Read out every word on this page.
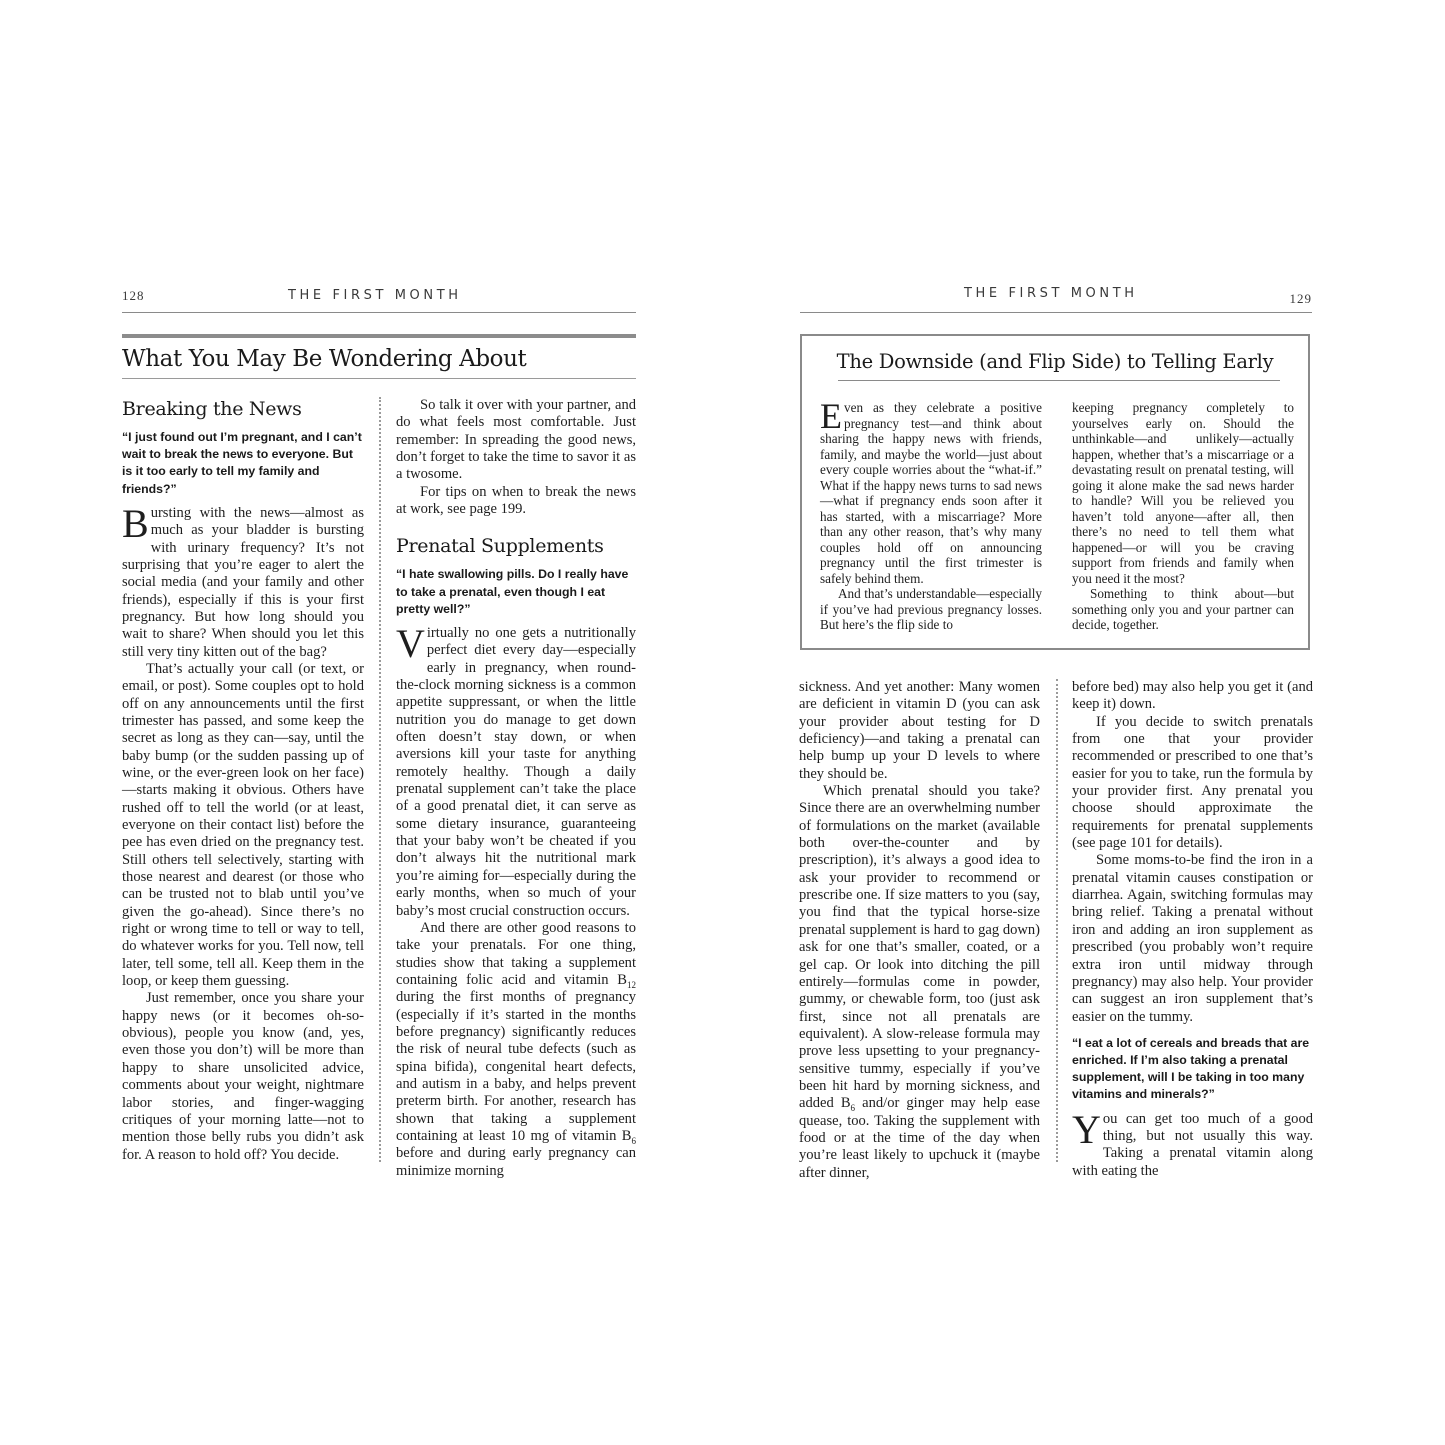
128	THE FIRST MONTH
What You May Be Wondering About
Breaking the News
“I just found out I’m pregnant, and I can’t wait to break the news to everyone. But is it too early to tell my family and friends?”

Bursting with the news—almost as much as your bladder is bursting with urinary frequency? It’s not surprising that you’re eager to alert the social media (and your family and other friends), especially if this is your first pregnancy. But how long should you wait to share? When should you let this still very tiny kitten out of the bag?

That’s actually your call (or text, or email, or post). Some couples opt to hold off on any announcements until the first trimester has passed, and some keep the secret as long as they can—say, until the baby bump (or the sudden passing up of wine, or the ever-green look on her face)—starts making it obvious. Others have rushed off to tell the world (or at least, everyone on their contact list) before the pee has even dried on the pregnancy test. Still others tell selectively, starting with those nearest and dearest (or those who can be trusted not to blab until you’ve given the go-ahead). Since there’s no right or wrong time to tell or way to tell, do whatever works for you. Tell now, tell later, tell some, tell all. Keep them in the loop, or keep them guessing.

Just remember, once you share your happy news (or it becomes oh-so-obvious), people you know (and, yes, even those you don’t) will be more than happy to share unsolicited advice, comments about your weight, nightmare labor stories, and finger-wagging critiques of your morning latte—not to mention those belly rubs you didn’t ask for. A reason to hold off? You decide.

So talk it over with your partner, and do what feels most comfortable. Just remember: In spreading the good news, don’t forget to take the time to savor it as a twosome.

For tips on when to break the news at work, see page 199.

Prenatal Supplements
“I hate swallowing pills. Do I really have to take a prenatal, even though I eat pretty well?”

Virtually no one gets a nutritionally perfect diet every day—especially early in pregnancy, when round-the-clock morning sickness is a common appetite suppressant, or when the little nutrition you do manage to get down often doesn’t stay down, or when aversions kill your taste for anything remotely healthy. Though a daily prenatal supplement can’t take the place of a good prenatal diet, it can serve as some dietary insurance, guaranteeing that your baby won’t be cheated if you don’t always hit the nutritional mark you’re aiming for—especially during the early months, when so much of your baby’s most crucial construction occurs.

And there are other good reasons to take your prenatals. For one thing, studies show that taking a supplement containing folic acid and vitamin $B_{12}$ during the first months of pregnancy (especially if it’s started in the months before pregnancy) significantly reduces the risk of neural tube defects (such as spina bifida), congenital heart defects, and autism in a baby, and helps prevent preterm birth. For another, research has shown that taking a supplement containing at least 10 mg of vitamin $B_6$ before and during early pregnancy can minimize morning

THE FIRST MONTH	129
The Downside (and Flip Side) to Telling Early

Even as they celebrate a positive pregnancy test—and think about sharing the happy news with friends, family, and maybe the world—just about every couple worries about the “what-if.” What if the happy news turns to sad news—what if pregnancy ends soon after it has started, with a miscarriage? More than any other reason, that’s why many couples hold off on announcing pregnancy until the first trimester is safely behind them.

And that’s understandable—especially if you’ve had previous pregnancy losses. But here’s the flip side to

keeping pregnancy completely to yourselves early on. Should the unthinkable—and unlikely—actually happen, whether that’s a miscarriage or a devastating result on prenatal testing, will going it alone make the sad news harder to handle? Will you be relieved you haven’t told anyone—after all, then there’s no need to tell them what happened—or will you be craving support from friends and family when you need it the most?

Something to think about—but something only you and your partner can decide, together.

sickness. And yet another: Many women are deficient in vitamin D (you can ask your provider about testing for D deficiency)—and taking a prenatal can help bump up your D levels to where they should be.

Which prenatal should you take? Since there are an overwhelming number of formulations on the market (available both over-the-counter and by prescription), it’s always a good idea to ask your provider to recommend or prescribe one. If size matters to you (say, you find that the typical horse-size prenatal supplement is hard to gag down) ask for one that’s smaller, coated, or a gel cap. Or look into ditching the pill entirely—formulas come in powder, gummy, or chewable form, too (just ask first, since not all prenatals are equivalent). A slow-release formula may prove less upsetting to your pregnancy-sensitive tummy, especially if you’ve been hit hard by morning sickness, and added $B_6$ and/or ginger may help ease quease, too. Taking the supplement with food or at the time of the day when you’re least likely to upchuck it (maybe after dinner,

before bed) may also help you get it (and keep it) down.

If you decide to switch prenatals from one that your provider recommended or prescribed to one that’s easier for you to take, run the formula by your provider first. Any prenatal you choose should approximate the requirements for prenatal supplements (see page 101 for details).

Some moms-to-be find the iron in a prenatal vitamin causes constipation or diarrhea. Again, switching formulas may bring relief. Taking a prenatal without iron and adding an iron supplement as prescribed (you probably won’t require extra iron until midway through pregnancy) may also help. Your provider can suggest an iron supplement that’s easier on the tummy.

“I eat a lot of cereals and breads that are enriched. If I’m also taking a prenatal supplement, will I be taking in too many vitamins and minerals?”

You can get too much of a good thing, but not usually this way. Taking a prenatal vitamin along with eating the
